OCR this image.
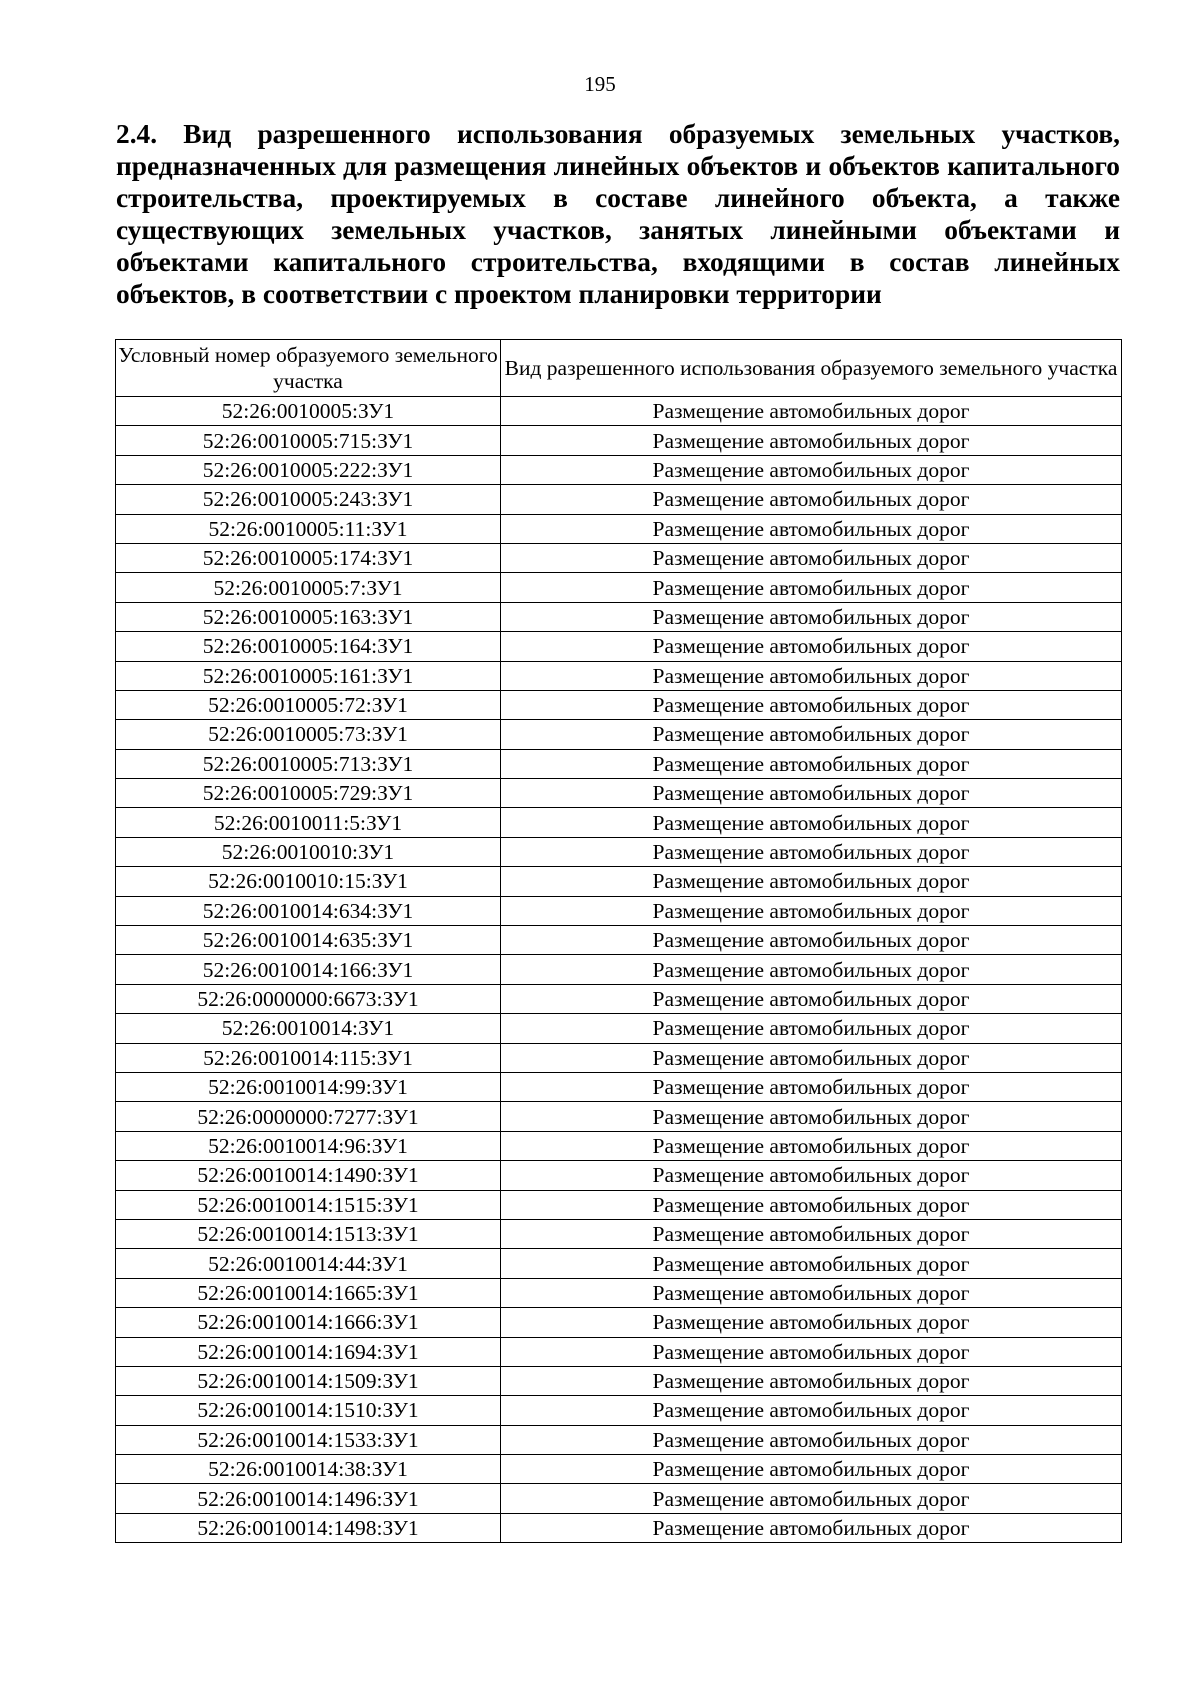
195

2.4. Вид разрешенного использования образуемых земельных участков, предназначенных для размещения линейных объектов и объектов капитального строительства, проектируемых в составе линейного объекта, а также существующих земельных участков, занятых линейными объектами и объектами капитального строительства, входящими в состав линейных объектов, в соответствии с проектом планировки территории

Условный номер образуемого земельного участка	Вид разрешенного использования образуемого земельного участка
52:26:0010005:ЗУ1	Размещение автомобильных дорог
52:26:0010005:715:ЗУ1	Размещение автомобильных дорог
52:26:0010005:222:ЗУ1	Размещение автомобильных дорог
52:26:0010005:243:ЗУ1	Размещение автомобильных дорог
52:26:0010005:11:ЗУ1	Размещение автомобильных дорог
52:26:0010005:174:ЗУ1	Размещение автомобильных дорог
52:26:0010005:7:ЗУ1	Размещение автомобильных дорог
52:26:0010005:163:ЗУ1	Размещение автомобильных дорог
52:26:0010005:164:ЗУ1	Размещение автомобильных дорог
52:26:0010005:161:ЗУ1	Размещение автомобильных дорог
52:26:0010005:72:ЗУ1	Размещение автомобильных дорог
52:26:0010005:73:ЗУ1	Размещение автомобильных дорог
52:26:0010005:713:ЗУ1	Размещение автомобильных дорог
52:26:0010005:729:ЗУ1	Размещение автомобильных дорог
52:26:0010011:5:ЗУ1	Размещение автомобильных дорог
52:26:0010010:ЗУ1	Размещение автомобильных дорог
52:26:0010010:15:ЗУ1	Размещение автомобильных дорог
52:26:0010014:634:ЗУ1	Размещение автомобильных дорог
52:26:0010014:635:ЗУ1	Размещение автомобильных дорог
52:26:0010014:166:ЗУ1	Размещение автомобильных дорог
52:26:0000000:6673:ЗУ1	Размещение автомобильных дорог
52:26:0010014:ЗУ1	Размещение автомобильных дорог
52:26:0010014:115:ЗУ1	Размещение автомобильных дорог
52:26:0010014:99:ЗУ1	Размещение автомобильных дорог
52:26:0000000:7277:ЗУ1	Размещение автомобильных дорог
52:26:0010014:96:ЗУ1	Размещение автомобильных дорог
52:26:0010014:1490:ЗУ1	Размещение автомобильных дорог
52:26:0010014:1515:ЗУ1	Размещение автомобильных дорог
52:26:0010014:1513:ЗУ1	Размещение автомобильных дорог
52:26:0010014:44:ЗУ1	Размещение автомобильных дорог
52:26:0010014:1665:ЗУ1	Размещение автомобильных дорог
52:26:0010014:1666:ЗУ1	Размещение автомобильных дорог
52:26:0010014:1694:ЗУ1	Размещение автомобильных дорог
52:26:0010014:1509:ЗУ1	Размещение автомобильных дорог
52:26:0010014:1510:ЗУ1	Размещение автомобильных дорог
52:26:0010014:1533:ЗУ1	Размещение автомобильных дорог
52:26:0010014:38:ЗУ1	Размещение автомобильных дорог
52:26:0010014:1496:ЗУ1	Размещение автомобильных дорог
52:26:0010014:1498:ЗУ1	Размещение автомобильных дорог
